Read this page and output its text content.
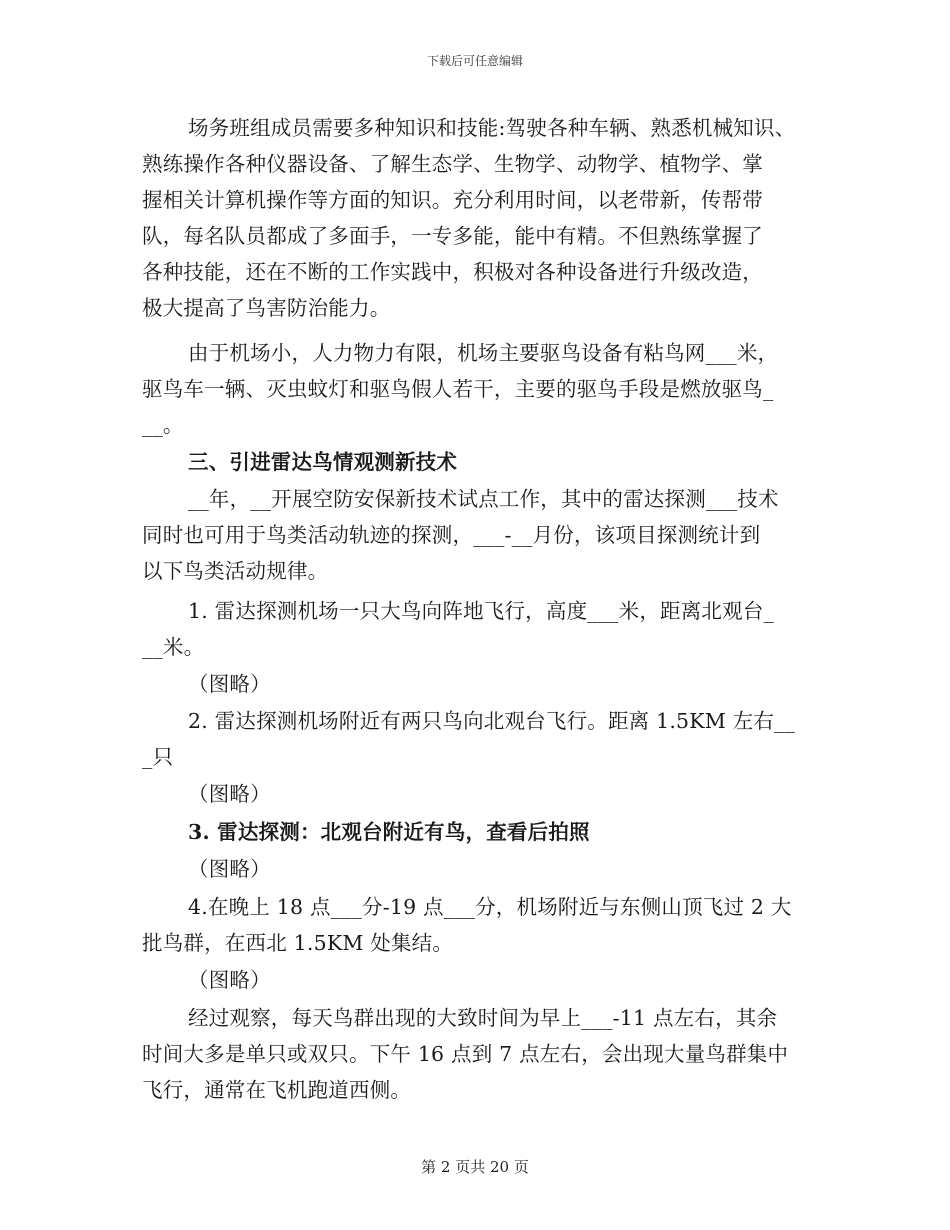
下载后可任意编辑
场务班组成员需要多种知识和技能:驾驶各种车辆、熟悉机械知识、
熟练操作各种仪器设备、了解生态学、生物学、动物学、植物学、掌
握相关计算机操作等方面的知识。充分利用时间，以老带新，传帮带
队，每名队员都成了多面手，一专多能，能中有精。不但熟练掌握了
各种技能，还在不断的工作实践中，积极对各种设备进行升级改造，
极大提高了鸟害防治能力。
由于机场小，人力物力有限，机场主要驱鸟设备有粘鸟网___米，
驱鸟车一辆、灭虫蚊灯和驱鸟假人若干，主要的驱鸟手段是燃放驱鸟_
__。
三、引进雷达鸟情观测新技术
__年，__开展空防安保新技术试点工作，其中的雷达探测___技术
同时也可用于鸟类活动轨迹的探测，___-__月份，该项目探测统计到
以下鸟类活动规律。
1. 雷达探测机场一只大鸟向阵地飞行，高度___米，距离北观台_
__米。
（图略）
2. 雷达探测机场附近有两只鸟向北观台飞行。距离 1.5KM 左右__
_只
（图略）
3. 雷达探测：北观台附近有鸟，查看后拍照
（图略）
4.在晚上 18 点___分-19 点___分，机场附近与东侧山顶飞过 2 大
批鸟群，在西北 1.5KM 处集结。
（图略）
经过观察，每天鸟群出现的大致时间为早上___-11 点左右，其余
时间大多是单只或双只。下午 16 点到 7 点左右，会出现大量鸟群集中
飞行，通常在飞机跑道西侧。
第 2 页共 20 页
